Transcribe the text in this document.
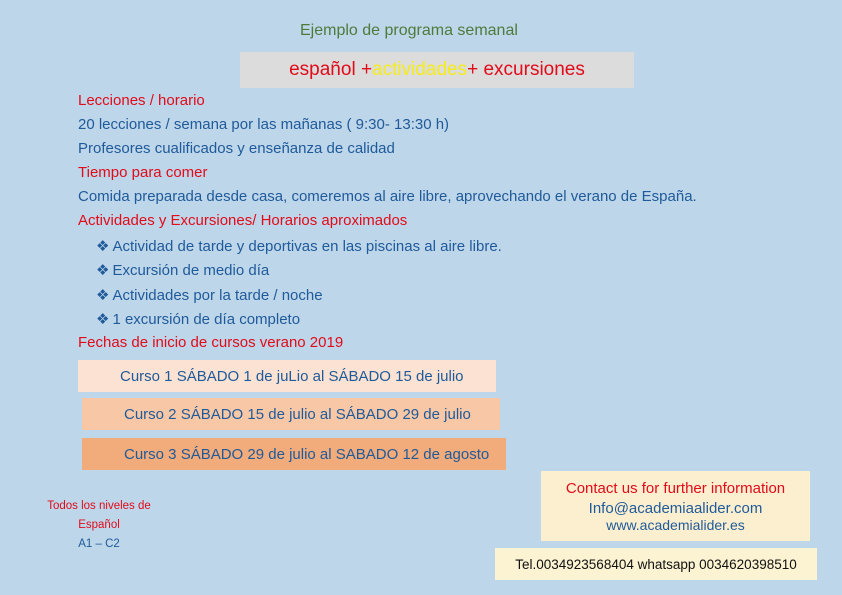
Ejemplo de programa semanal
español + actividades + excursiones
Lecciones / horario
20 lecciones / semana por las mañanas ( 9:30- 13:30 h)
Profesores cualificados y enseñanza de calidad
Tiempo para comer
Comida preparada desde casa, comeremos al aire libre, aprovechando el verano de España.
Actividades y Excursiones/ Horarios aproximados
❖ Actividad de tarde y deportivas en las piscinas al aire libre.
❖ Excursión de medio día
❖ Actividades por la tarde / noche
❖ 1 excursión de día completo
Fechas de inicio de cursos verano 2019
Curso 1 SÁBADO 1 de juLio al SÁBADO 15 de julio
Curso 2 SÁBADO 15 de julio al SÁBADO 29 de julio
Curso 3 SÁBADO 29 de julio al SABADO 12 de agosto
Todos los niveles de
Español
A1 – C2
Contact us for further information
Info@academiaalider.com
www.academialider.es
Tel.0034923568404 whatsapp 0034620398510
